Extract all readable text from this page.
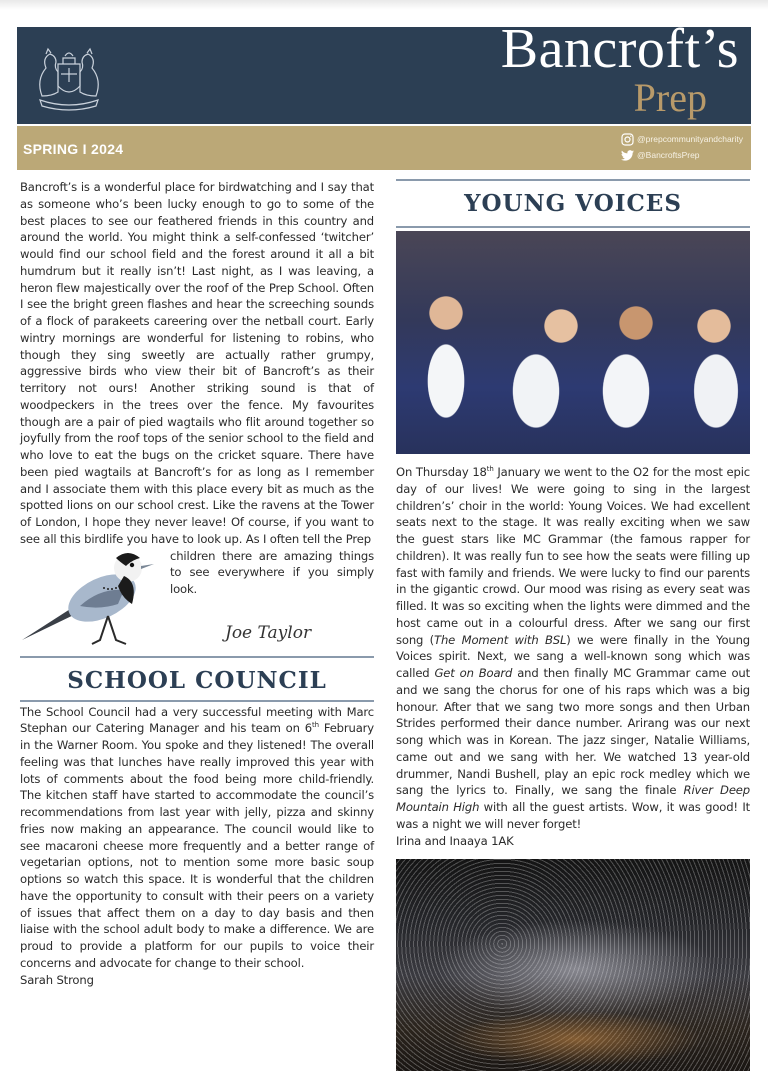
Bancroft’s
Prep
SPRING I 2024
@prepcommunityandcharity
@BancroftsPrep

Bancroft’s is a wonderful place for birdwatching and I say that as someone who’s been lucky enough to go to some of the best places to see our feathered friends in this country and around the world. You might think a self-confessed ‘twitcher’ would find our school field and the forest around it all a bit humdrum but it really isn’t! Last night, as I was leaving, a heron flew majestically over the roof of the Prep School. Often I see the bright green flashes and hear the screeching sounds of a flock of parakeets careering over the netball court. Early wintry mornings are wonderful for listening to robins, who though they sing sweetly are actually rather grumpy, aggressive birds who view their bit of Bancroft’s as their territory not ours! Another striking sound is that of woodpeckers in the trees over the fence. My favourites though are a pair of pied wagtails who flit around together so joyfully from the roof tops of the senior school to the field and who love to eat the bugs on the cricket square. There have been pied wagtails at Bancroft’s for as long as I remember and I associate them with this place every bit as much as the spotted lions on our school crest. Like the ravens at the Tower of London, I hope they never leave! Of course, if you want to see all this birdlife you have to look up. As I often tell the Prep

children there are amazing things to see everywhere if you simply look.

Joe Taylor
SCHOOL COUNCIL

The School Council had a very successful meeting with Marc Stephan our Catering Manager and his team on 6th February in the Warner Room. You spoke and they listened! The overall feeling was that lunches have really improved this year with lots of comments about the food being more child-friendly. The kitchen staff have started to accommodate the council’s recommendations from last year with jelly, pizza and skinny fries now making an appearance. The council would like to see macaroni cheese more frequently and a better range of vegetarian options, not to mention some more basic soup options so watch this space. It is wonderful that the children have the opportunity to consult with their peers on a variety of issues that affect them on a day to day basis and then liaise with the school adult body to make a difference. We are proud to provide a platform for our pupils to voice their concerns and advocate for change to their school.
Sarah Strong

YOUNG VOICES

On Thursday 18th January we went to the O2 for the most epic day of our lives! We were going to sing in the largest children’s’ choir in the world: Young Voices. We had excellent seats next to the stage. It was really exciting when we saw the guest stars like MC Grammar (the famous rapper for children). It was really fun to see how the seats were filling up fast with family and friends. We were lucky to find our parents in the gigantic crowd. Our mood was rising as every seat was filled. It was so exciting when the lights were dimmed and the host came out in a colourful dress. After we sang our first song (The Moment with BSL) we were finally in the Young Voices spirit. Next, we sang a well-known song which was called Get on Board and then finally MC Grammar came out and we sang the chorus for one of his raps which was a big honour. After that we sang two more songs and then Urban Strides performed their dance number. Arirang was our next song which was in Korean. The jazz singer, Natalie Williams, came out and we sang with her. We watched 13 year-old drummer, Nandi Bushell, play an epic rock medley which we sang the lyrics to. Finally, we sang the finale River Deep Mountain High with all the guest artists. Wow, it was good! It was a night we will never forget!
Irina and Inaaya 1AK
